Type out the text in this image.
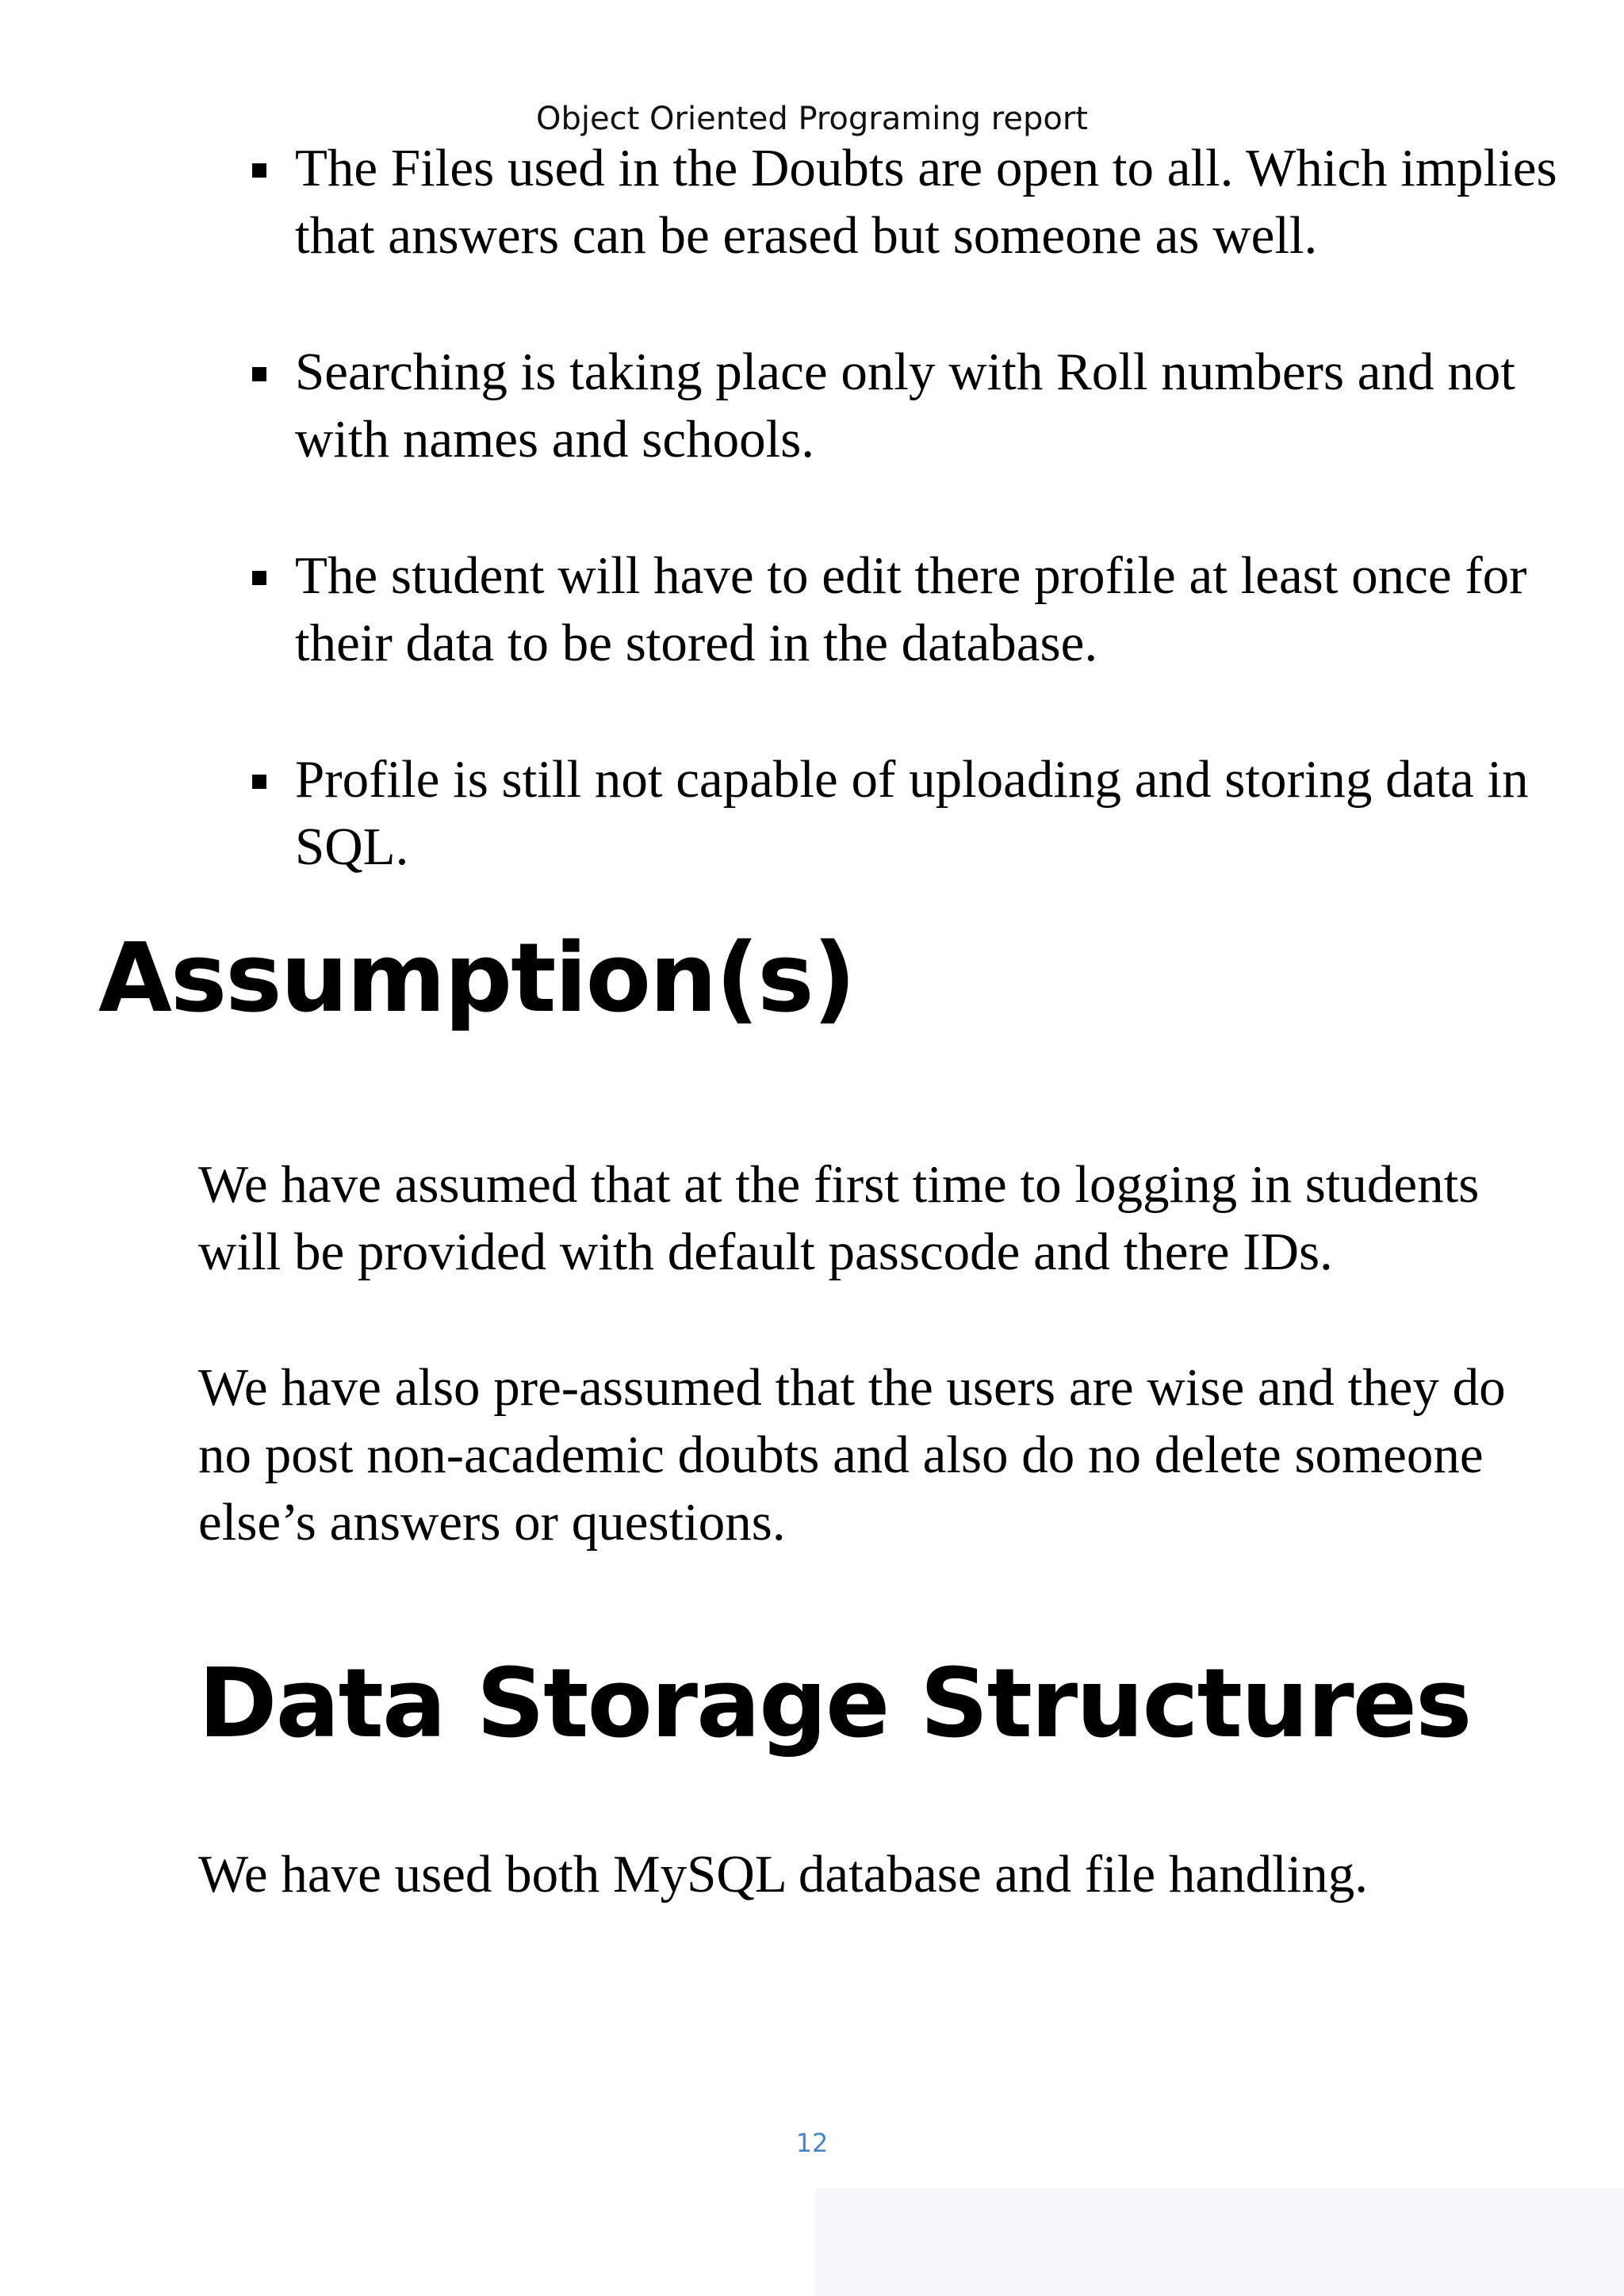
Object Oriented Programing report
The Files used in the Doubts are open to all. Which implies that answers can be erased but someone as well.
Searching is taking place only with Roll numbers and not with names and schools.
The student will have to edit there profile at least once for their data to be stored in the database.
Profile is still not capable of uploading and storing data in SQL.
Assumption(s)

We have assumed that at the first time to logging in students will be provided with default passcode and there IDs.

We have also pre-assumed that the users are wise and they do no post non-academic doubts and also do no delete someone else’s answers or questions.

Data Storage Structures

We have used both MySQL database and file handling.

12
